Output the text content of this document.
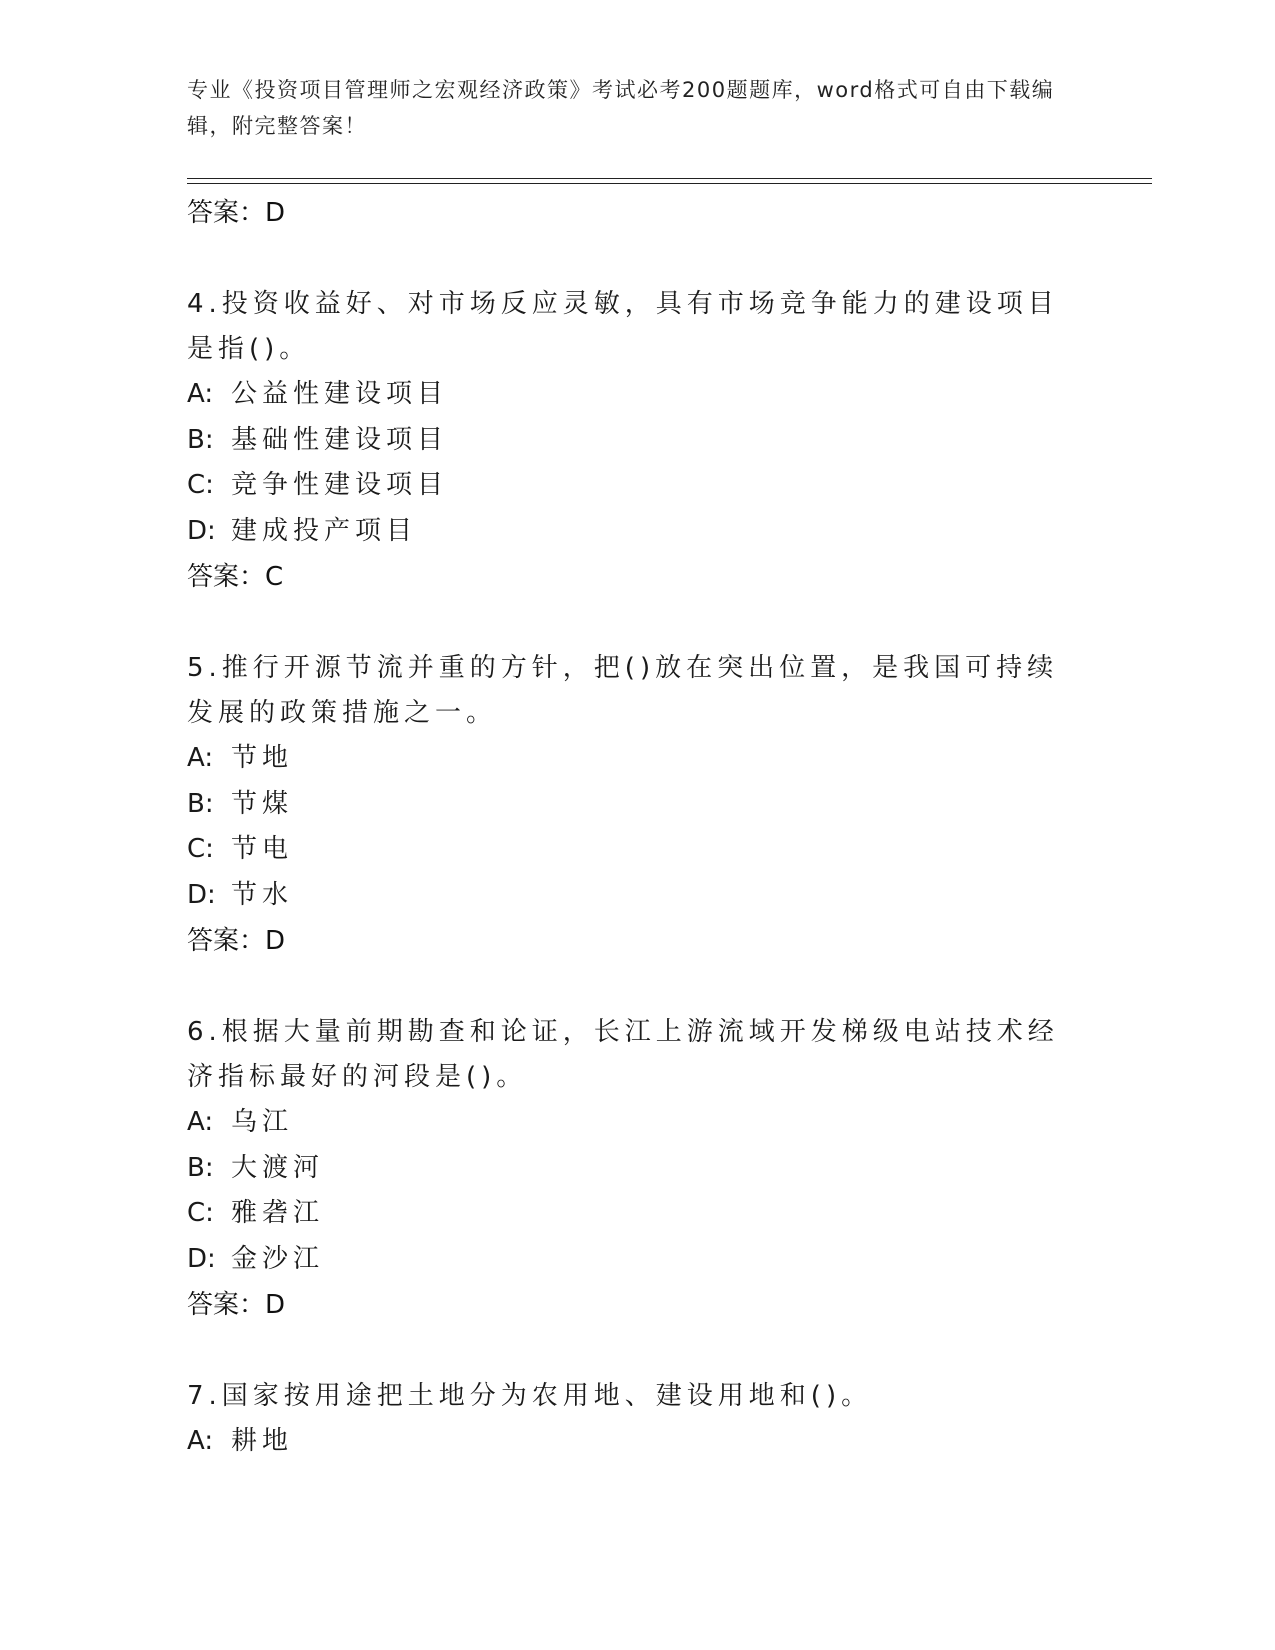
专业《投资项目管理师之宏观经济政策》考试必考200题题库，word格式可自由下载编辑，附完整答案！
答案：D
4.投资收益好、对市场反应灵敏，具有市场竞争能力的建设项目是指()。
A: 公益性建设项目
B: 基础性建设项目
C: 竞争性建设项目
D: 建成投产项目
答案：C
5.推行开源节流并重的方针，把()放在突出位置，是我国可持续发展的政策措施之一。
A: 节地
B: 节煤
C: 节电
D: 节水
答案：D
6.根据大量前期勘查和论证，长江上游流域开发梯级电站技术经济指标最好的河段是()。
A: 乌江
B: 大渡河
C: 雅砻江
D: 金沙江
答案：D
7.国家按用途把土地分为农用地、建设用地和()。
A: 耕地
